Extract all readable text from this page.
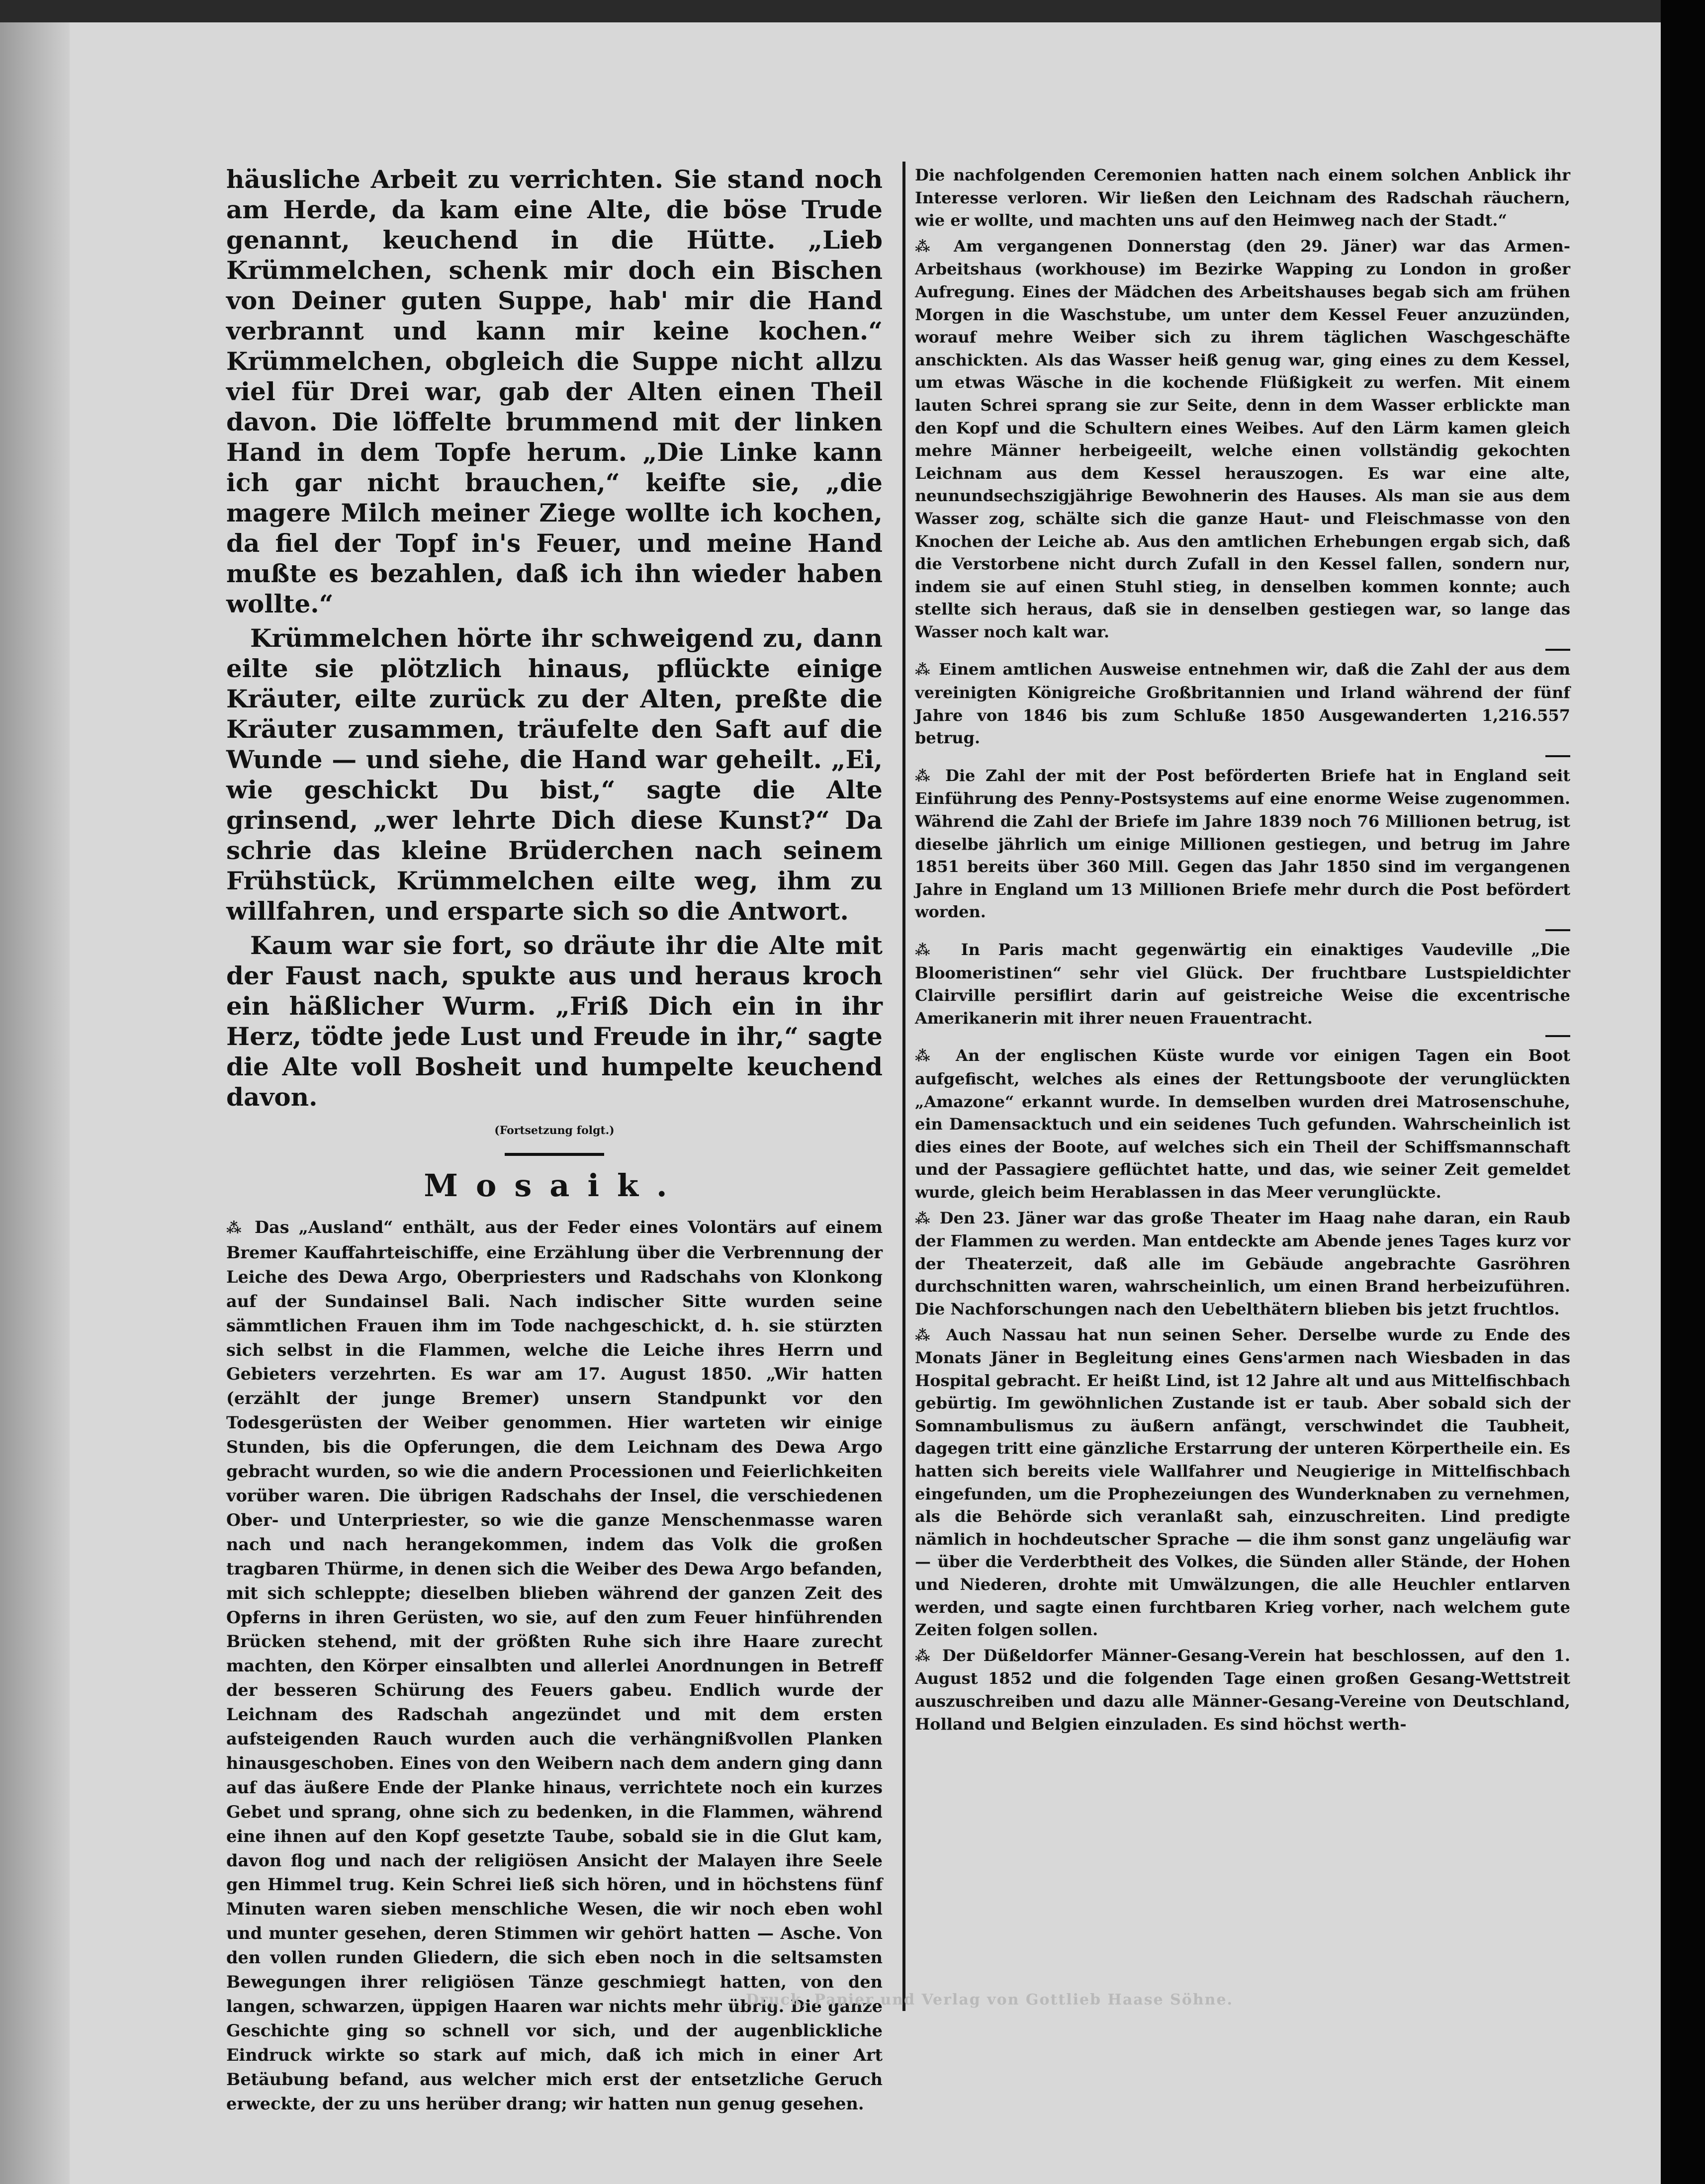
häusliche Arbeit zu verrichten. Sie stand noch am Herde, da kam eine Alte, die böse Trude genannt, keuchend in die Hütte. „Lieb Krümmelchen, schenk mir doch ein Bischen von Deiner guten Suppe, hab' mir die Hand verbrannt und kann mir keine kochen.“ Krümmelchen, obgleich die Suppe nicht allzu viel für Drei war, gab der Alten einen Theil davon. Die löffelte brummend mit der linken Hand in dem Topfe herum. „Die Linke kann ich gar nicht brauchen,“ keifte sie, „die magere Milch meiner Ziege wollte ich kochen, da fiel der Topf in's Feuer, und meine Hand mußte es bezahlen, daß ich ihn wieder haben wollte.“

Krümmelchen hörte ihr schweigend zu, dann eilte sie plötzlich hinaus, pflückte einige Kräuter, eilte zurück zu der Alten, preßte die Kräuter zusammen, träufelte den Saft auf die Wunde — und siehe, die Hand war geheilt. „Ei, wie geschickt Du bist,“ sagte die Alte grinsend, „wer lehrte Dich diese Kunst?“ Da schrie das kleine Brüderchen nach seinem Frühstück, Krümmelchen eilte weg, ihm zu willfahren, und ersparte sich so die Antwort.

Kaum war sie fort, so dräute ihr die Alte mit der Faust nach, spukte aus und heraus kroch ein häßlicher Wurm. „Friß Dich ein in ihr Herz, tödte jede Lust und Freude in ihr,“ sagte die Alte voll Bosheit und humpelte keuchend davon.

(Fortsetzung folgt.)
Mosaik.

⁂ Das „Ausland“ enthält, aus der Feder eines Volontärs auf einem Bremer Kauffahrteischiffe, eine Erzählung über die Verbrennung der Leiche des Dewa Argo, Oberpriesters und Radschahs von Klonkong auf der Sundainsel Bali. Nach indischer Sitte wurden seine sämmtlichen Frauen ihm im Tode nachgeschickt, d. h. sie stürzten sich selbst in die Flammen, welche die Leiche ihres Herrn und Gebieters verzehrten. Es war am 17. August 1850. „Wir hatten (erzählt der junge Bremer) unsern Standpunkt vor den Todesgerüsten der Weiber genommen. Hier warteten wir einige Stunden, bis die Opferungen, die dem Leichnam des Dewa Argo gebracht wurden, so wie die andern Processionen und Feierlichkeiten vorüber waren. Die übrigen Radschahs der Insel, die verschiedenen Ober- und Unterpriester, so wie die ganze Menschenmasse waren nach und nach herangekommen, indem das Volk die großen tragbaren Thürme, in denen sich die Weiber des Dewa Argo befanden, mit sich schleppte; dieselben blieben während der ganzen Zeit des Opferns in ihren Gerüsten, wo sie, auf den zum Feuer hinführenden Brücken stehend, mit der größten Ruhe sich ihre Haare zurecht machten, den Körper einsalbten und allerlei Anordnungen in Betreff der besseren Schürung des Feuers gabeu. Endlich wurde der Leichnam des Radschah angezündet und mit dem ersten aufsteigenden Rauch wurden auch die verhängnißvollen Planken hinausgeschoben. Eines von den Weibern nach dem andern ging dann auf das äußere Ende der Planke hinaus, verrichtete noch ein kurzes Gebet und sprang, ohne sich zu bedenken, in die Flammen, während eine ihnen auf den Kopf gesetzte Taube, sobald sie in die Glut kam, davon flog und nach der religiösen Ansicht der Malayen ihre Seele gen Himmel trug. Kein Schrei ließ sich hören, und in höchstens fünf Minuten waren sieben menschliche Wesen, die wir noch eben wohl und munter gesehen, deren Stimmen wir gehört hatten — Asche. Von den vollen runden Gliedern, die sich eben noch in die seltsamsten Bewegungen ihrer religiösen Tänze geschmiegt hatten, von den langen, schwarzen, üppigen Haaren war nichts mehr übrig. Die ganze Geschichte ging so schnell vor sich, und der augenblickliche Eindruck wirkte so stark auf mich, daß ich mich in einer Art Betäubung befand, aus welcher mich erst der entsetzliche Geruch erweckte, der zu uns herüber drang; wir hatten nun genug gesehen.

Die nachfolgenden Ceremonien hatten nach einem solchen Anblick ihr Interesse verloren. Wir ließen den Leichnam des Radschah räuchern, wie er wollte, und machten uns auf den Heimweg nach der Stadt.“

⁂ Am vergangenen Donnerstag (den 29. Jäner) war das Armen-Arbeitshaus (workhouse) im Bezirke Wapping zu London in großer Aufregung. Eines der Mädchen des Arbeitshauses begab sich am frühen Morgen in die Waschstube, um unter dem Kessel Feuer anzuzünden, worauf mehre Weiber sich zu ihrem täglichen Waschgeschäfte anschickten. Als das Wasser heiß genug war, ging eines zu dem Kessel, um etwas Wäsche in die kochende Flüßigkeit zu werfen. Mit einem lauten Schrei sprang sie zur Seite, denn in dem Wasser erblickte man den Kopf und die Schultern eines Weibes. Auf den Lärm kamen gleich mehre Männer herbeigeeilt, welche einen vollständig gekochten Leichnam aus dem Kessel herauszogen. Es war eine alte, neunundsechszigjährige Bewohnerin des Hauses. Als man sie aus dem Wasser zog, schälte sich die ganze Haut- und Fleischmasse von den Knochen der Leiche ab. Aus den amtlichen Erhebungen ergab sich, daß die Verstorbene nicht durch Zufall in den Kessel fallen, sondern nur, indem sie auf einen Stuhl stieg, in denselben kommen konnte; auch stellte sich heraus, daß sie in denselben gestiegen war, so lange das Wasser noch kalt war.

⁂ Einem amtlichen Ausweise entnehmen wir, daß die Zahl der aus dem vereinigten Königreiche Großbritannien und Irland während der fünf Jahre von 1846 bis zum Schluße 1850 Ausgewanderten 1,216.557 betrug.

⁂ Die Zahl der mit der Post beförderten Briefe hat in England seit Einführung des Penny-Postsystems auf eine enorme Weise zugenommen. Während die Zahl der Briefe im Jahre 1839 noch 76 Millionen betrug, ist dieselbe jährlich um einige Millionen gestiegen, und betrug im Jahre 1851 bereits über 360 Mill. Gegen das Jahr 1850 sind im vergangenen Jahre in England um 13 Millionen Briefe mehr durch die Post befördert worden.

⁂ In Paris macht gegenwärtig ein einaktiges Vaudeville „Die Bloomeristinen“ sehr viel Glück. Der fruchtbare Lustspieldichter Clairville persiflirt darin auf geistreiche Weise die excentrische Amerikanerin mit ihrer neuen Frauentracht.

⁂ An der englischen Küste wurde vor einigen Tagen ein Boot aufgefischt, welches als eines der Rettungsboote der verunglückten „Amazone“ erkannt wurde. In demselben wurden drei Matrosenschuhe, ein Damensacktuch und ein seidenes Tuch gefunden. Wahrscheinlich ist dies eines der Boote, auf welches sich ein Theil der Schiffsmannschaft und der Passagiere geflüchtet hatte, und das, wie seiner Zeit gemeldet wurde, gleich beim Herablassen in das Meer verunglückte.

⁂ Den 23. Jäner war das große Theater im Haag nahe daran, ein Raub der Flammen zu werden. Man entdeckte am Abende jenes Tages kurz vor der Theaterzeit, daß alle im Gebäude angebrachte Gasröhren durchschnitten waren, wahrscheinlich, um einen Brand herbeizuführen. Die Nachforschungen nach den Uebelthätern blieben bis jetzt fruchtlos.

⁂ Auch Nassau hat nun seinen Seher. Derselbe wurde zu Ende des Monats Jäner in Begleitung eines Gens'armen nach Wiesbaden in das Hospital gebracht. Er heißt Lind, ist 12 Jahre alt und aus Mittelfischbach gebürtig. Im gewöhnlichen Zustande ist er taub. Aber sobald sich der Somnambulismus zu äußern anfängt, verschwindet die Taubheit, dagegen tritt eine gänzliche Erstarrung der unteren Körpertheile ein. Es hatten sich bereits viele Wallfahrer und Neugierige in Mittelfischbach eingefunden, um die Prophezeiungen des Wunderknaben zu vernehmen, als die Behörde sich veranlaßt sah, einzuschreiten. Lind predigte nämlich in hochdeutscher Sprache — die ihm sonst ganz ungeläufig war — über die Verderbtheit des Volkes, die Sünden aller Stände, der Hohen und Niederen, drohte mit Umwälzungen, die alle Heuchler entlarven werden, und sagte einen furchtbaren Krieg vorher, nach welchem gute Zeiten folgen sollen.

⁂ Der Düßeldorfer Männer-Gesang-Verein hat beschlossen, auf den 1. August 1852 und die folgenden Tage einen großen Gesang-Wettstreit auszuschreiben und dazu alle Männer-Gesang-Vereine von Deutschland, Holland und Belgien einzuladen. Es sind höchst werth-

Druck, Papier und Verlag von Gottlieb Haase Söhne.
